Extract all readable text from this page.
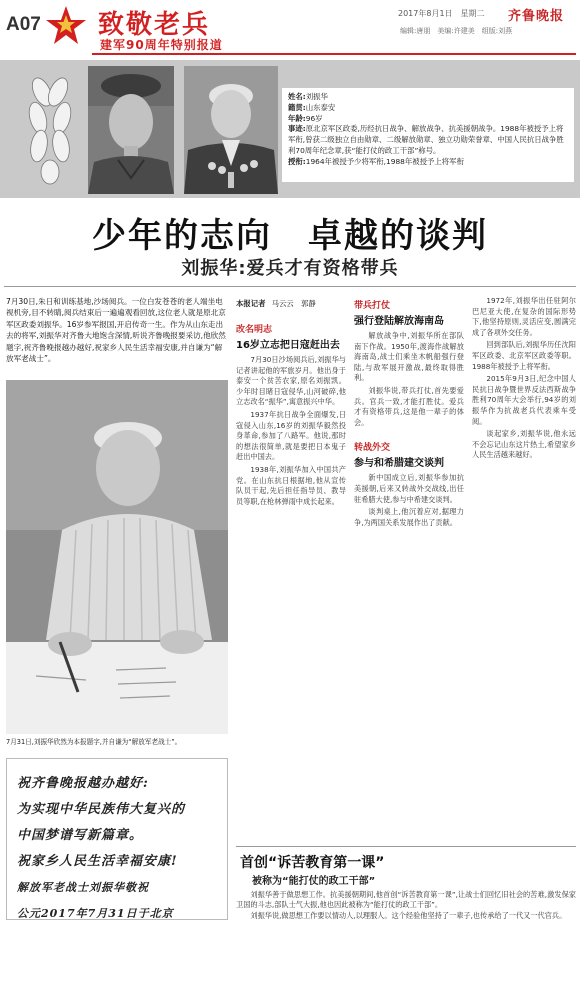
A07 致敬老兵
建军90周年特别报道
2017年8月1日　星期二 齐鲁晚报
编辑:唐朋　美编:许建美　组版:刘燕
姓名:刘振华
籍贯:山东泰安
年龄:96岁
事迹:原北京军区政委,历经抗日战争、解放战争、抗美援朝战争。1988年被授予上将军衔,曾获二级独立自由勋章、二级解放勋章、独立功勋荣誉章、中国人民抗日战争胜利70周年纪念章,获“能打仗的政工干部”称号。
授衔:1964年被授予少将军衔,1988年被授予上将军衔
少年的志向　卓越的谈判
刘振华:爱兵才有资格带兵
7月30日,朱日和训练基地,沙场阅兵。一位白发苍苍的老人端坐电视机旁,目不转睛,阅兵结束后一遍遍观看回放,这位老人就是原北京军区政委刘振华。16岁参军报国,开启传奇一生。作为从山东走出去的将军,刘振华对齐鲁大地饱含深情,听说齐鲁晚报要采访,他欣然题字,祝齐鲁晚报越办越好,祝家乡人民生活幸福安康,并自谦为“解放军老战士”。
7月31日,刘振华欣然为本报题字,并自谦为“解放军老战士”。
祝齐鲁晚报越办越好:
为实现中华民族伟大复兴的
中国梦谱写新篇章。
祝家乡人民生活幸福安康!
解放军老战士刘振华敬祝
公元2017年7月31日于北京
本报记者 马云云　郭静

改名明志

16岁立志把日寇赶出去

7月30日沙场阅兵后,刘振华与记者讲起他的军旅岁月。他出身于泰安一个贫苦农家,原名刘振凯。少年时目睹日寇侵华,山河破碎,他立志改名“振华”,寓意振兴中华。

1937年抗日战争全面爆发,日寇侵入山东,16岁的刘振华毅然投身革命,参加了八路军。他说,那时的想法很简单,就是要把日本鬼子赶出中国去。

1938年,刘振华加入中国共产党。在山东抗日根据地,他从宣传队员干起,先后担任指导员、教导员等职,在枪林弹雨中成长起来。

带兵打仗

强行登陆解放海南岛

解放战争中,刘振华所在部队南下作战。1950年,渡海作战解放海南岛,战士们乘坐木帆船强行登陆,与敌军展开激战,最终取得胜利。

刘振华说,带兵打仗,首先要爱兵。官兵一致,才能打胜仗。爱兵才有资格带兵,这是他一辈子的体会。

转战外交

参与和希腊建交谈判

新中国成立后,刘振华参加抗美援朝,后来又转战外交战线,出任驻希腊大使,参与中希建交谈判。

谈判桌上,他沉着应对,据理力争,为两国关系发展作出了贡献。

1972年,刘振华出任驻阿尔巴尼亚大使,在复杂的国际形势下,他坚持原则,灵活应变,圆满完成了各项外交任务。

回到部队后,刘振华历任沈阳军区政委、北京军区政委等职。1988年被授予上将军衔。

2015年9月3日,纪念中国人民抗日战争暨世界反法西斯战争胜利70周年大会举行,94岁的刘振华作为抗战老兵代表乘车受阅。

谈起家乡,刘振华说,他永远不会忘记山东这片热土,希望家乡人民生活越来越好。

首创“诉苦教育第一课”
被称为“能打仗的政工干部”

刘振华善于做思想工作。抗美援朝期间,他首创“诉苦教育第一课”,让战士们回忆旧社会的苦难,激发保家卫国的斗志,部队士气大振,他也因此被称为“能打仗的政工干部”。

刘振华说,做思想工作要以情动人,以理服人。这个经验他坚持了一辈子,也传承给了一代又一代官兵。
